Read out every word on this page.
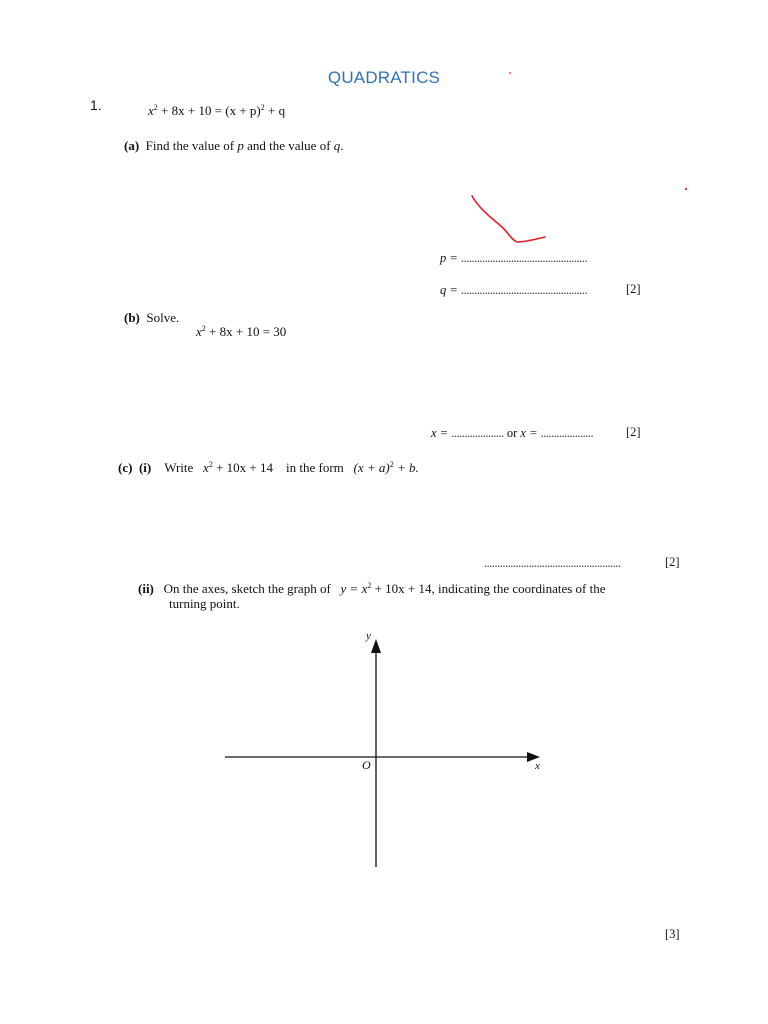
QUADRATICS
1.	$x^2 + 8x + 10 = (x + p)^2 + q$
(a) Find the value of p and the value of q.
p = ................................................
q = ................................................	[2]
(b) Solve.
$x^2 + 8x + 10 = 30$
x = .................... or x = ....................	[2]
(c) (i) Write $x^2 + 10x + 14$ in the form $(x + a)^2 + b$.
....................................................	[2]
(ii) On the axes, sketch the graph of $y = x^2 + 10x + 14$, indicating the coordinates of the
turning point.
y
x
O
[3]
